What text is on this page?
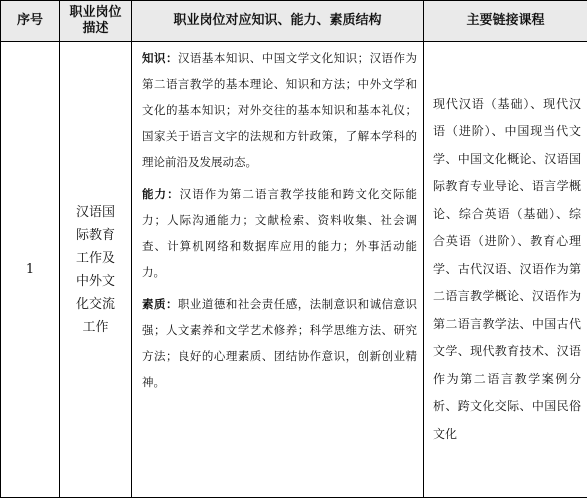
序号	职业岗位描述	职业岗位对应知识、能力、素质结构	主要链接课程
1	汉语国际教育工作及中外文化交流工作	知识：汉语基本知识、中国文学文化知识；汉语作为第二语言教学的基本理论、知识和方法；中外文学和文化的基本知识；对外交往的基本知识和基本礼仪；国家关于语言文字的法规和方针政策，了解本学科的理论前沿及发展动态。
能力：汉语作为第二语言教学技能和跨文化交际能力；人际沟通能力；文献检索、资料收集、社会调查、计算机网络和数据库应用的能力；外事活动能力。
素质：职业道德和社会责任感，法制意识和诚信意识强；人文素养和文学艺术修养；科学思维方法、研究方法；良好的心理素质、团结协作意识，创新创业精神。	现代汉语（基础）、现代汉语（进阶）、中国现当代文学、中国文化概论、汉语国际教育专业导论、语言学概论、综合英语（基础）、综合英语（进阶）、教育心理学、古代汉语、汉语作为第二语言教学概论、汉语作为第二语言教学法、中国古代文学、现代教育技术、汉语作为第二语言教学案例分析、跨文化交际、中国民俗文化
